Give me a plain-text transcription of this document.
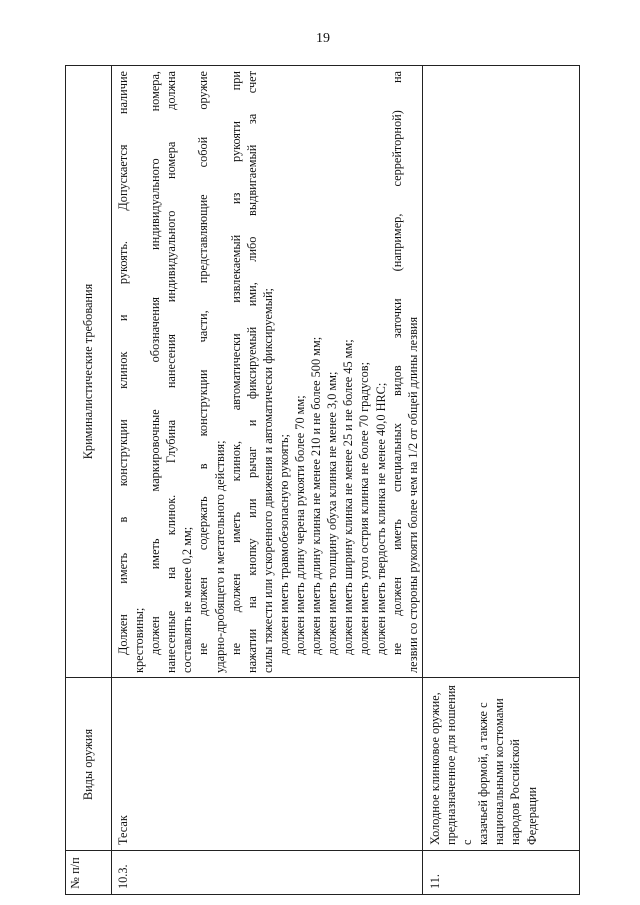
19
№ п/п
Виды оружия
Криминалистические требования
10.3.
Тесак

Должен иметь в конструкции клинок и рукоять. Допускается наличие крестовины; должен иметь маркировочные обозначения индивидуального номера, нанесенные на клинок. Глубина нанесения индивидуального номера должна составлять не менее 0,2 мм; не должен содержать в конструкции части, представляющие собой оружие ударно-дробящего и метательного действия; не должен иметь клинок, автоматически извлекаемый из рукояти при нажатии на кнопку или рычаг и фиксируемый ими, либо выдвигаемый за счет силы тяжести или ускоренного движения и автоматически фиксируемый; должен иметь травмобезопасную рукоять; должен иметь длину черена рукояти более 70 мм; должен иметь длину клинка не менее 210 и не более 500 мм; должен иметь толщину обуха клинка не менее 3,0 мм; должен иметь ширину клинка не менее 25 и не более 45 мм; должен иметь угол острия клинка не более 70 градусов; должен иметь твердость клинка не менее 40,0 HRC; не должен иметь специальных видов заточки (например, серрейторной) на лезвии со стороны рукояти более чем на 1/2 от общей длины лезвия

11.
Холодное клинковое оружие, предназначенное для ношения с казачьей формой, а также с национальными костюмами народов Российской Федерации
